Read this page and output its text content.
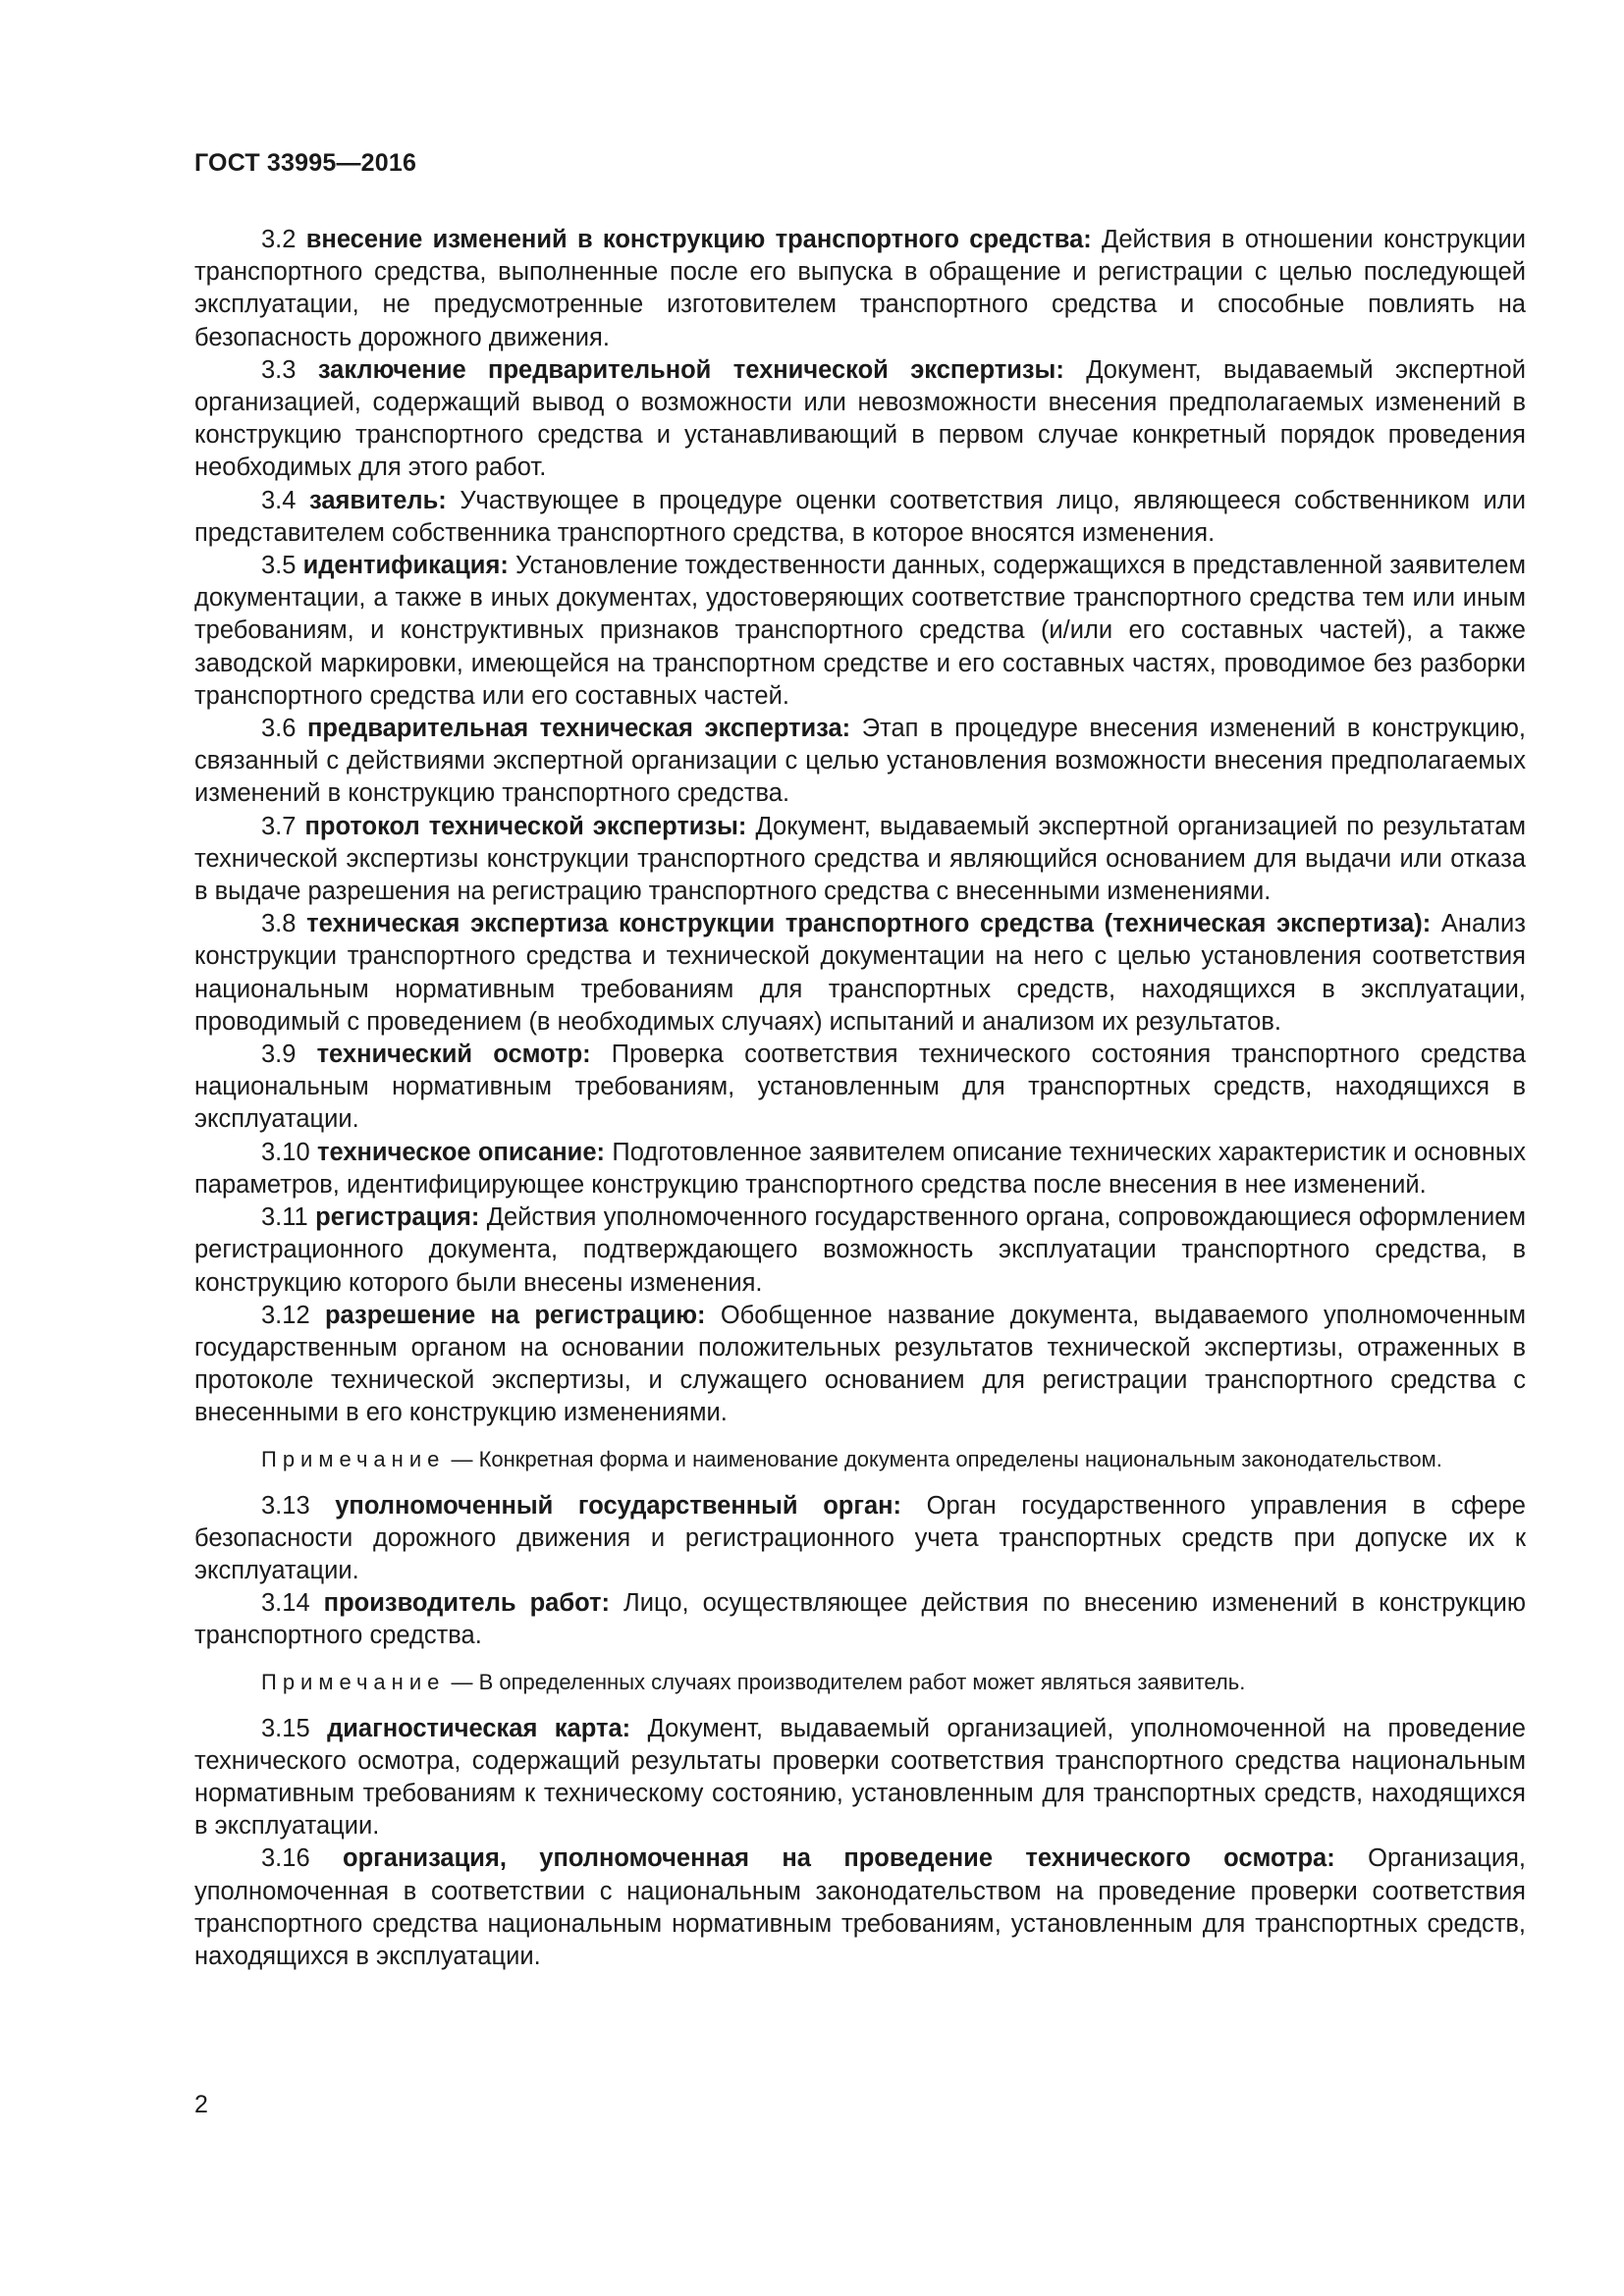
ГОСТ 33995—2016

3.2 внесение изменений в конструкцию транспортного средства: Действия в отношении конструкции транспортного средства, выполненные после его выпуска в обращение и регистрации с целью последующей эксплуатации, не предусмотренные изготовителем транспортного средства и способные повлиять на безопасность дорожного движения.

3.3 заключение предварительной технической экспертизы: Документ, выдаваемый экспертной организацией, содержащий вывод о возможности или невозможности внесения предполагаемых изменений в конструкцию транспортного средства и устанавливающий в первом случае конкретный порядок проведения необходимых для этого работ.

3.4 заявитель: Участвующее в процедуре оценки соответствия лицо, являющееся собственником или представителем собственника транспортного средства, в которое вносятся изменения.

3.5 идентификация: Установление тождественности данных, содержащихся в представленной заявителем документации, а также в иных документах, удостоверяющих соответствие транспортного средства тем или иным требованиям, и конструктивных признаков транспортного средства (и/или его составных частей), а также заводской маркировки, имеющейся на транспортном средстве и его составных частях, проводимое без разборки транспортного средства или его составных частей.

3.6 предварительная техническая экспертиза: Этап в процедуре внесения изменений в конструкцию, связанный с действиями экспертной организации с целью установления возможности внесения предполагаемых изменений в конструкцию транспортного средства.

3.7 протокол технической экспертизы: Документ, выдаваемый экспертной организацией по результатам технической экспертизы конструкции транспортного средства и являющийся основанием для выдачи или отказа в выдаче разрешения на регистрацию транспортного средства с внесенными изменениями.

3.8 техническая экспертиза конструкции транспортного средства (техническая экспертиза): Анализ конструкции транспортного средства и технической документации на него с целью установления соответствия национальным нормативным требованиям для транспортных средств, находящихся в эксплуатации, проводимый с проведением (в необходимых случаях) испытаний и анализом их результатов.

3.9 технический осмотр: Проверка соответствия технического состояния транспортного средства национальным нормативным требованиям, установленным для транспортных средств, находящихся в эксплуатации.

3.10 техническое описание: Подготовленное заявителем описание технических характеристик и основных параметров, идентифицирующее конструкцию транспортного средства после внесения в нее изменений.

3.11 регистрация: Действия уполномоченного государственного органа, сопровождающиеся оформлением регистрационного документа, подтверждающего возможность эксплуатации транспортного средства, в конструкцию которого были внесены изменения.

3.12 разрешение на регистрацию: Обобщенное название документа, выдаваемого уполномоченным государственным органом на основании положительных результатов технической экспертизы, отраженных в протоколе технической экспертизы, и служащего основанием для регистрации транспортного средства с внесенными в его конструкцию изменениями.

Примечание — Конкретная форма и наименование документа определены национальным законодательством.

3.13 уполномоченный государственный орган: Орган государственного управления в сфере безопасности дорожного движения и регистрационного учета транспортных средств при допуске их к эксплуатации.

3.14 производитель работ: Лицо, осуществляющее действия по внесению изменений в конструкцию транспортного средства.

Примечание — В определенных случаях производителем работ может являться заявитель.

3.15 диагностическая карта: Документ, выдаваемый организацией, уполномоченной на проведение технического осмотра, содержащий результаты проверки соответствия транспортного средства национальным нормативным требованиям к техническому состоянию, установленным для транспортных средств, находящихся в эксплуатации.

3.16 организация, уполномоченная на проведение технического осмотра: Организация, уполномоченная в соответствии с национальным законодательством на проведение проверки соответствия транспортного средства национальным нормативным требованиям, установленным для транспортных средств, находящихся в эксплуатации.

2
